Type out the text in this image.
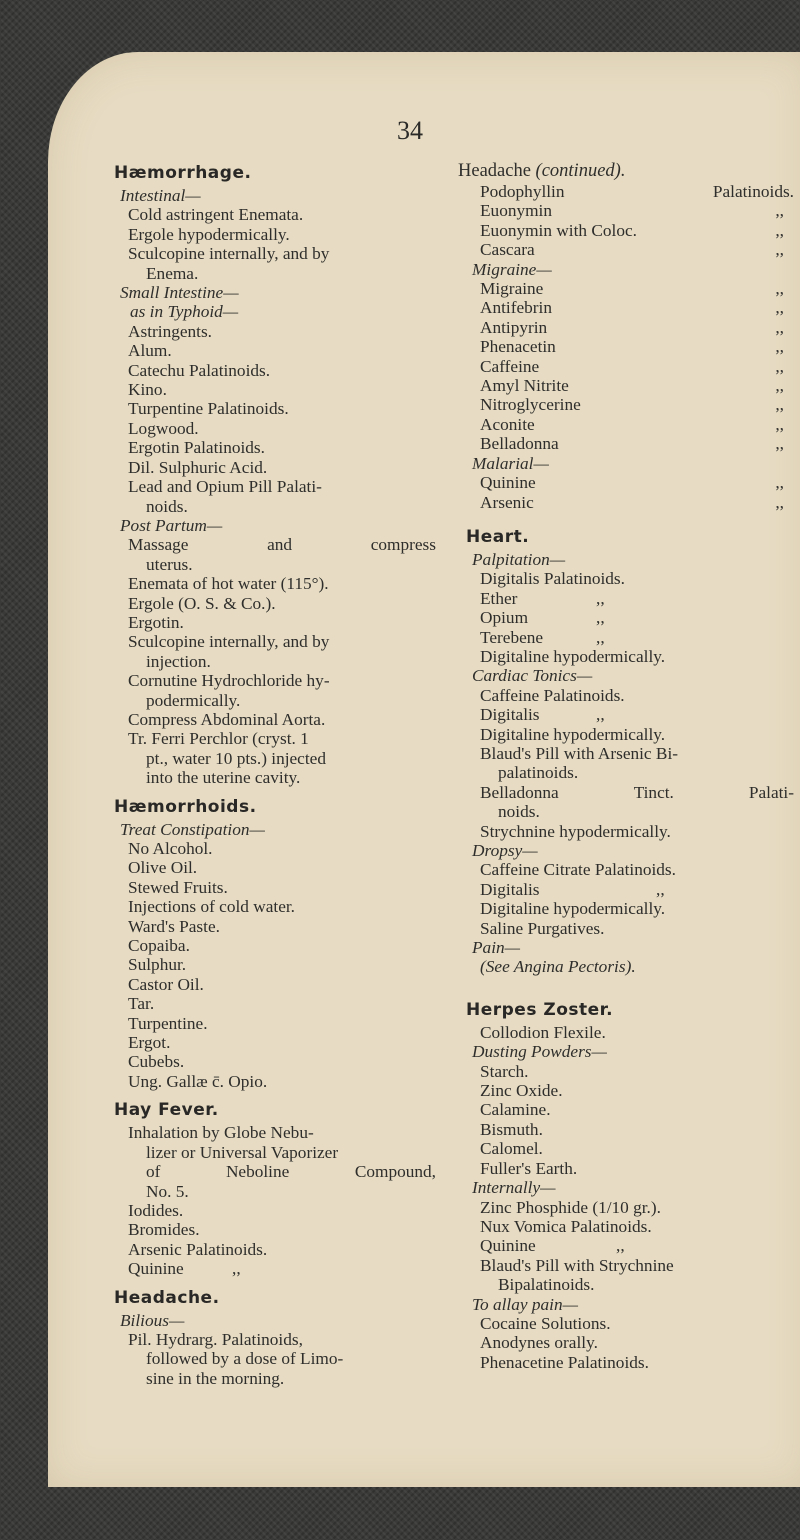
34
Hæmorrhage.
Intestinal—
Cold astringent Enemata.
Ergole hypodermically.
Sculcopine internally, and by
Enema.
Small Intestine—
as in Typhoid—
Astringents.
Alum.
Catechu Palatinoids.
Kino.
Turpentine Palatinoids.
Logwood.
Ergotin Palatinoids.
Dil. Sulphuric Acid.
Lead and Opium Pill Palati-
noids.
Post Partum—
Massage	and	compress
uterus.
Enemata of hot water (115°).
Ergole (O. S. & Co.).
Ergotin.
Sculcopine internally, and by
injection.
Cornutine Hydrochloride hy-
podermically.
Compress Abdominal Aorta.
Tr. Ferri Perchlor (cryst. 1
pt., water 10 pts.) injected
into the uterine cavity.
Hæmorrhoids.
Treat Constipation—
No Alcohol.
Olive Oil.
Stewed Fruits.
Injections of cold water.
Ward's Paste.
Copaiba.
Sulphur.
Castor Oil.
Tar.
Turpentine.
Ergot.
Cubebs.
Ung. Gallæ c̄. Opio.
Hay Fever.
Inhalation by Globe Nebu-
lizer or Universal Vaporizer
of	Neboline	Compound,
No. 5.
Iodides.
Bromides.
Arsenic Palatinoids.
Quinine	,,
Headache.
Bilious—
Pil. Hydrarg. Palatinoids,
followed by a dose of Limo-
sine in the morning.
Headache (continued).
Podophyllin	Palatinoids.
Euonymin	,,
Euonymin with Coloc.	,,
Cascara	,,
Migraine—
Migraine	,,
Antifebrin	,,
Antipyrin	,,
Phenacetin	,,
Caffeine	,,
Amyl Nitrite	,,
Nitroglycerine	,,
Aconite	,,
Belladonna	,,
Malarial—
Quinine	,,
Arsenic	,,
Heart.
Palpitation—
Digitalis Palatinoids.
Ether	,,
Opium	,,
Terebene	,,
Digitaline hypodermically.
Cardiac Tonics—
Caffeine Palatinoids.
Digitalis	,,
Digitaline hypodermically.
Blaud's Pill with Arsenic Bi-
palatinoids.
Belladonna	Tinct.	Palati-
noids.
Strychnine hypodermically.
Dropsy—
Caffeine Citrate Palatinoids.
Digitalis	,,
Digitaline hypodermically.
Saline Purgatives.
Pain—
(See Angina Pectoris).
Herpes Zoster.
Collodion Flexile.
Dusting Powders—
Starch.
Zinc Oxide.
Calamine.
Bismuth.
Calomel.
Fuller's Earth.
Internally—
Zinc Phosphide (1/10 gr.).
Nux Vomica Palatinoids.
Quinine	,,
Blaud's Pill with Strychnine
Bipalatinoids.
To allay pain—
Cocaine Solutions.
Anodynes orally.
Phenacetine Palatinoids.
